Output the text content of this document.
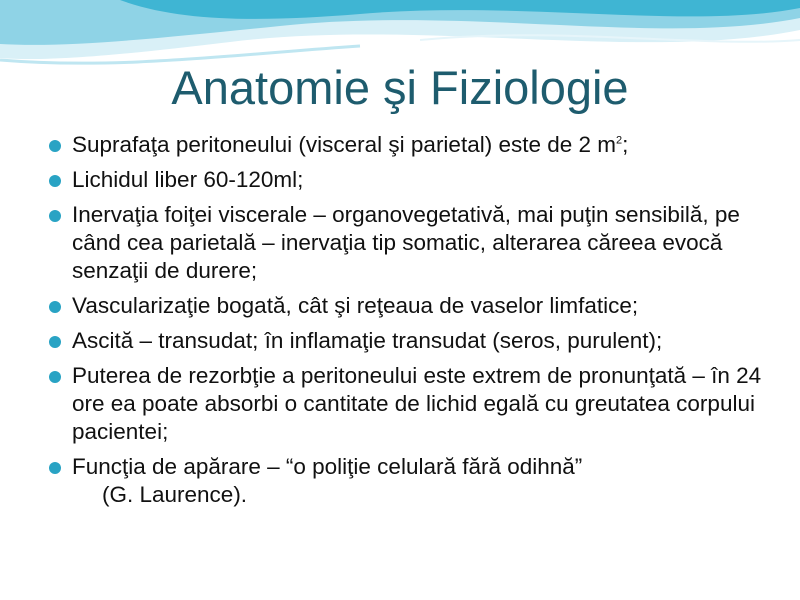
Anatomie şi Fiziologie
Suprafaţa peritoneului (visceral şi parietal) este de 2 $m^2$;
Lichidul liber 60-120ml;
Inervaţia foiţei viscerale – organovegetativă, mai puţin sensibilă, pe când cea parietală – inervaţia tip somatic, alterarea căreea evocă senzaţii de durere;
Vascularizaţie bogată, cât şi reţeaua de vaselor limfatice;
Ascită – transudat; în inflamaţie transudat (seros, purulent);
Puterea de rezorbţie a peritoneului este extrem de pronunţată – în 24 ore ea poate absorbi o cantitate de lichid egală cu greutatea corpului pacientei;
Funcţia de apărare – “o poliţie celulară fără odihnă”
(G. Laurence).
